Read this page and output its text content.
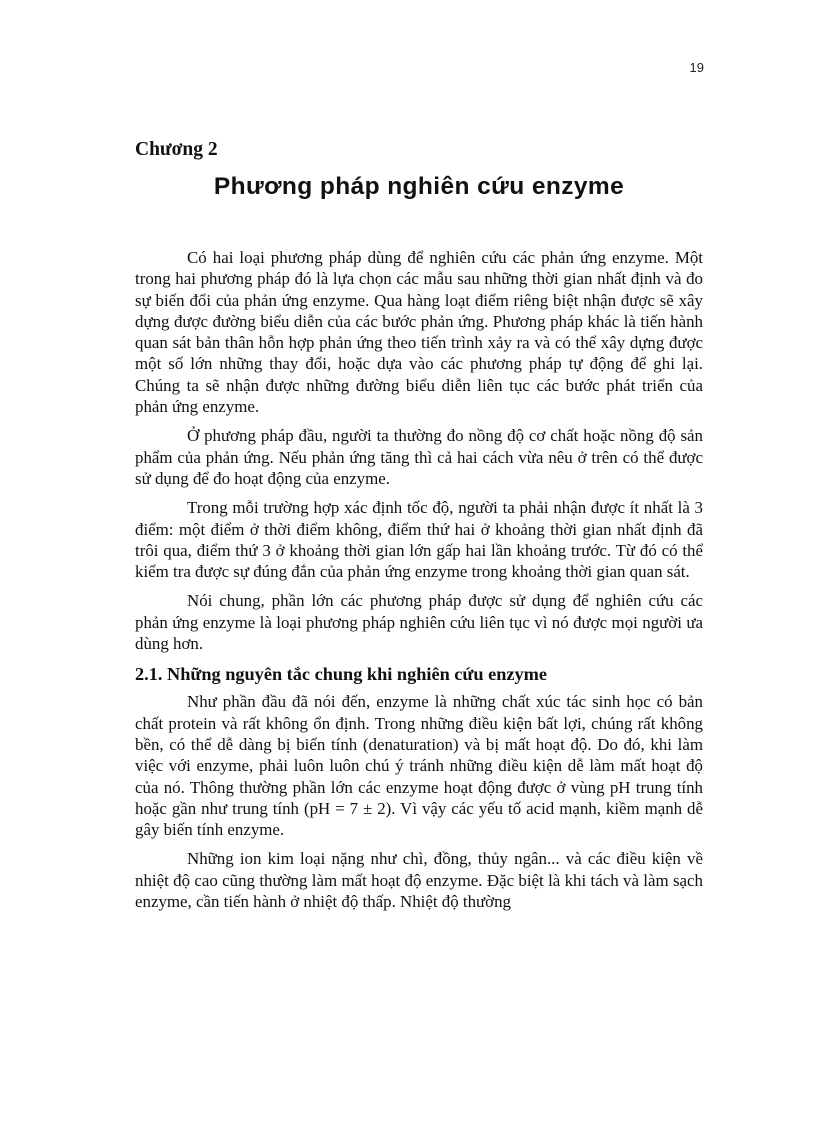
19
Chương 2
Phương pháp nghiên cứu enzyme

Có hai loại phương pháp dùng để nghiên cứu các phản ứng enzyme. Một trong hai phương pháp đó là lựa chọn các mẫu sau những thời gian nhất định và đo sự biến đổi của phản ứng enzyme. Qua hàng loạt điểm riêng biệt nhận được sẽ xây dựng được đường biểu diễn của các bước phản ứng. Phương pháp khác là tiến hành quan sát bản thân hỗn hợp phản ứng theo tiến trình xảy ra và có thể xây dựng được một số lớn những thay đổi, hoặc dựa vào các phương pháp tự động để ghi lại. Chúng ta sẽ nhận được những đường biểu diễn liên tục các bước phát triển của phản ứng enzyme.

Ở phương pháp đầu, người ta thường đo nồng độ cơ chất hoặc nồng độ sản phẩm của phản ứng. Nếu phản ứng tăng thì cả hai cách vừa nêu ở trên có thể được sử dụng để đo hoạt động của enzyme.

Trong mỗi trường hợp xác định tốc độ, người ta phải nhận được ít nhất là 3 điểm: một điểm ở thời điểm không, điểm thứ hai ở khoảng thời gian nhất định đã trôi qua, điểm thứ 3 ở khoảng thời gian lớn gấp hai lần khoảng trước. Từ đó có thể kiểm tra được sự đúng đắn của phản ứng enzyme trong khoảng thời gian quan sát.

Nói chung, phần lớn các phương pháp được sử dụng để nghiên cứu các phản ứng enzyme là loại phương pháp nghiên cứu liên tục vì nó được mọi người ưa dùng hơn.

2.1. Những nguyên tắc chung khi nghiên cứu enzyme

Như phần đầu đã nói đến, enzyme là những chất xúc tác sinh học có bản chất protein và rất không ổn định. Trong những điều kiện bất lợi, chúng rất không bền, có thể dễ dàng bị biến tính (denaturation) và bị mất hoạt độ. Do đó, khi làm việc với enzyme, phải luôn luôn chú ý tránh những điều kiện dễ làm mất hoạt độ của nó. Thông thường phần lớn các enzyme hoạt động được ở vùng pH trung tính hoặc gần như trung tính (pH = 7 ± 2). Vì vậy các yếu tố acid mạnh, kiềm mạnh dễ gây biến tính enzyme.

Những ion kim loại nặng như chì, đồng, thủy ngân... và các điều kiện về nhiệt độ cao cũng thường làm mất hoạt độ enzyme. Đặc biệt là khi tách và làm sạch enzyme, cần tiến hành ở nhiệt độ thấp. Nhiệt độ thường
